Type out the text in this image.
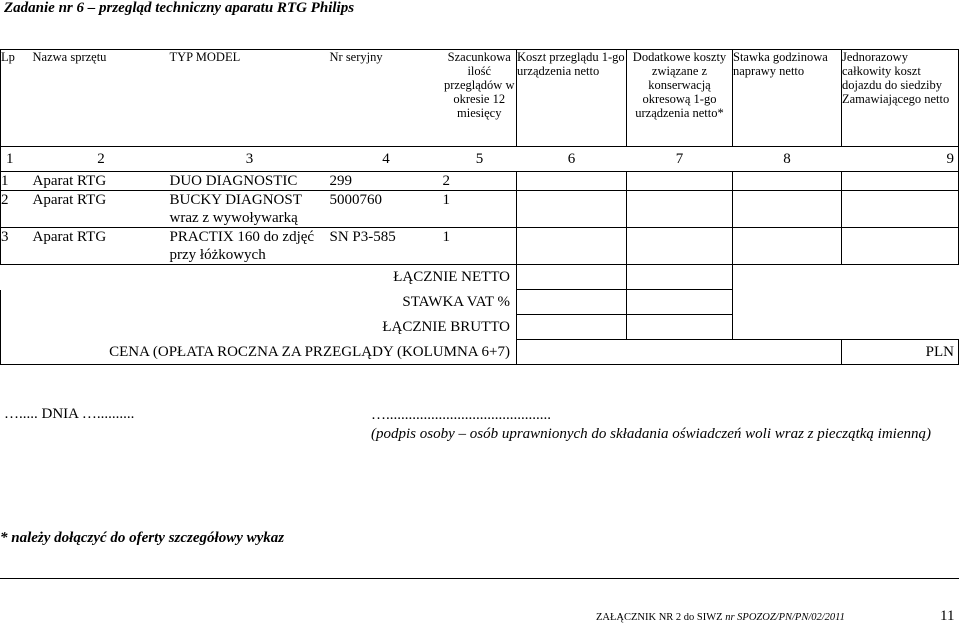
Zadanie nr 6 – przegląd techniczny aparatu RTG Philips
Lp	Nazwa sprzętu	TYP MODEL	Nr seryjny	Szacunkowa ilość przeglądów w okresie 12 miesięcy	Koszt przeglądu 1-go urządzenia netto	Dodatkowe koszty związane z konserwacją okresową 1-go urządzenia netto*	Stawka godzinowa naprawy netto	Jednorazowy całkowity koszt dojazdu do siedziby Zamawiającego netto
1	2	3	4	5	6	7	8	9
1	Aparat RTG	DUO DIAGNOSTIC	299	2				
2	Aparat RTG	BUCKY DIAGNOST wraz z wywoływarką	5000760	1				
3	Aparat RTG	PRACTIX 160 do zdjęć przy łóżkowych	SN P3-585	1				
ŁĄCZNIE NETTO								
STAWKA VAT %								
ŁĄCZNIE BRUTTO								
CENA (OPŁATA ROCZNA ZA PRZEGLĄDY (KOLUMNA 6+7)								PLN
…..... DNIA …..........	…............................................
(podpis osoby – osób uprawnionych do składania oświadczeń woli wraz z pieczątką imienną)
* należy dołączyć do oferty szczegółowy wykaz
ZAŁĄCZNIK NR 2 do SIWZ nr SPOZOZ/PN/PN/02/2011	11
